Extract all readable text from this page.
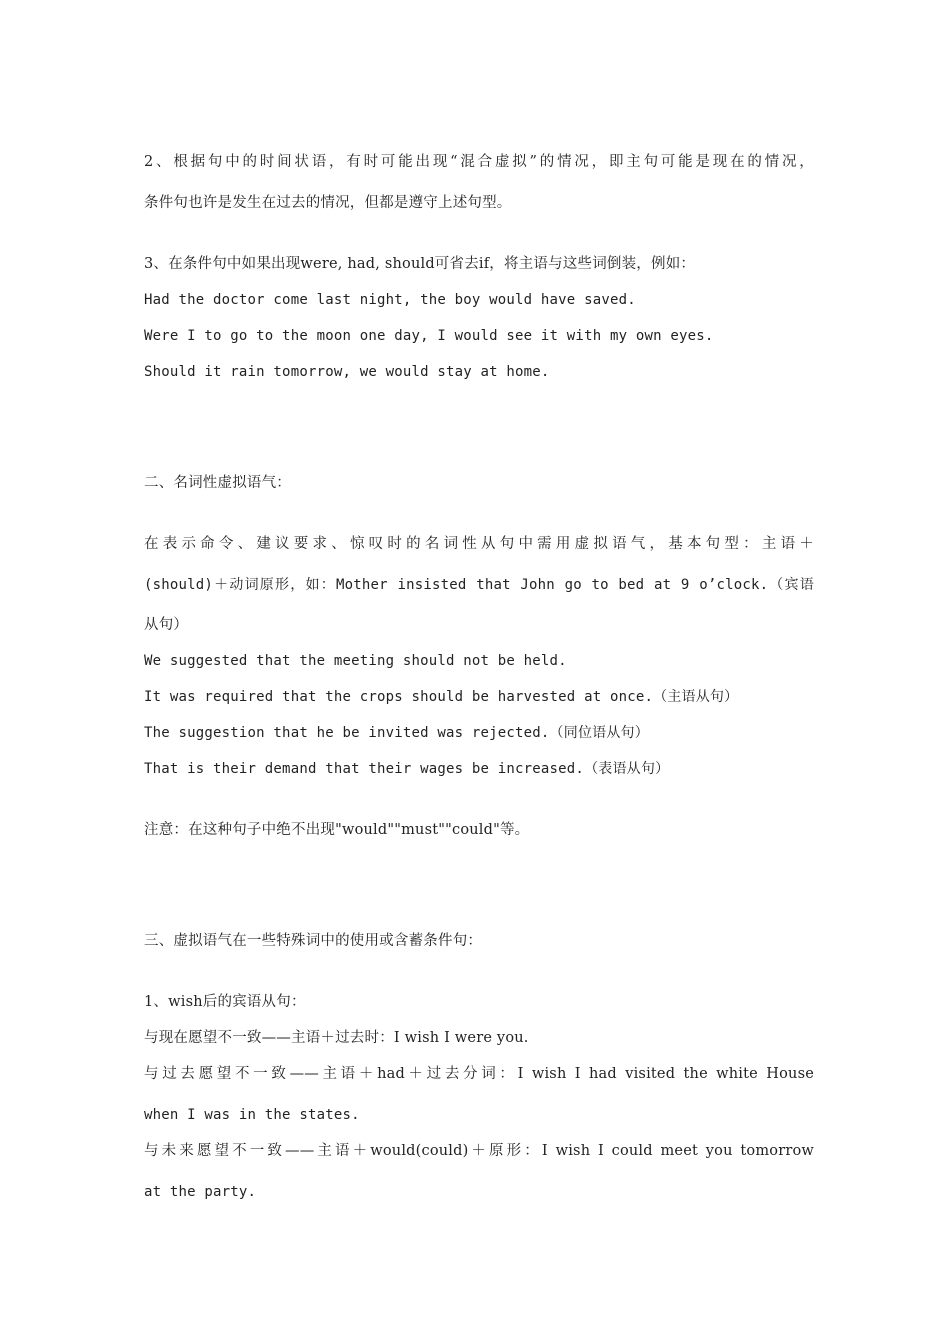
2、根据句中的时间状语，有时可能出现“混合虚拟”的情况，即主句可能是现在的情况，
条件句也许是发生在过去的情况，但都是遵守上述句型。
3、在条件句中如果出现were, had, should可省去if，将主语与这些词倒装，例如：
Had the doctor come last night, the boy would have saved.
Were I to go to the moon one day, I would see it with my own eyes.
Should it rain tomorrow, we would stay at home.
二、名词性虚拟语气：
在表示命令、建议要求、惊叹时的名词性从句中需用虚拟语气，基本句型：主语＋
(should)＋动词原形，如：Mother insisted that John go to bed at 9 o’clock.（宾语
从句）
We suggested that the meeting should not be held.
It was required that the crops should be harvested at once.（主语从句）
The suggestion that he be invited was rejected.（同位语从句）
That is their demand that their wages be increased.（表语从句）
注意：在这种句子中绝不出现"would""must""could"等。
三、虚拟语气在一些特殊词中的使用或含蓄条件句：
1、wish后的宾语从句：
与现在愿望不一致——主语＋过去时：I wish I were you.
与过去愿望不一致——主语＋had＋过去分词：I wish I had visited the white House
when I was in the states.
与未来愿望不一致——主语＋would(could)＋原形：I wish I could meet you tomorrow
at the party.
